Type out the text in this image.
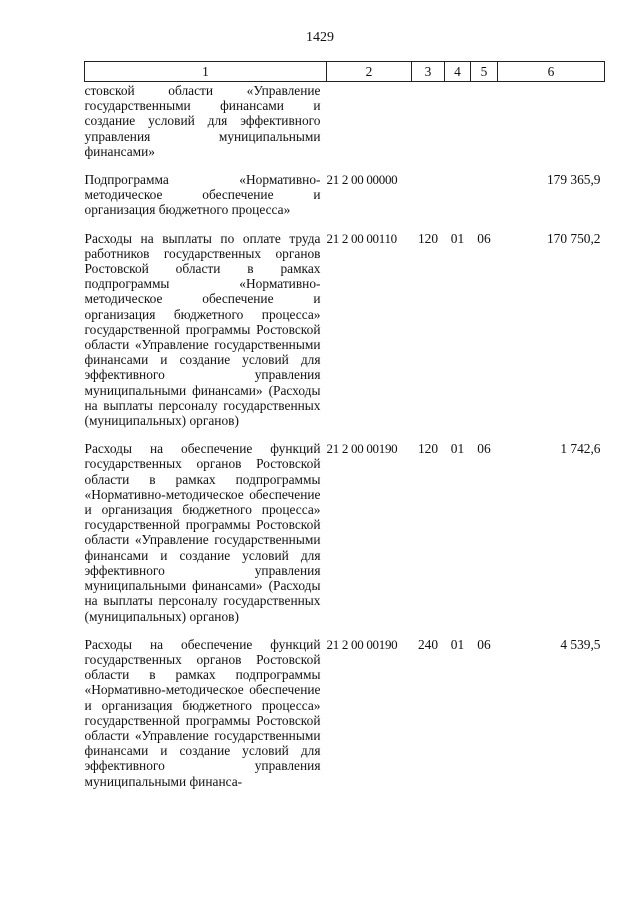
1429
1	2	3	4	5	6
стовской области «Управление государственными финансами и создание условий для эффективного управления муниципальными финансами»					

Подпрограмма «Нормативно-методическое обеспечение и организация бюджетного процесса»	21 2 00 00000				179 365,9

Расходы на выплаты по оплате труда работников государственных органов Ростовской области в рамках подпрограммы «Нормативно-методическое обеспечение и организация бюджетного процесса» государственной программы Ростовской области «Управление государственными финансами и создание условий для эффективного управления муниципальными финансами» (Расходы на выплаты персоналу государственных (муниципальных) органов)	21 2 00 00110	120	01	06	170 750,2

Расходы на обеспечение функций государственных органов Ростовской области в рамках подпрограммы «Нормативно-методическое обеспечение и организация бюджетного процесса» государственной программы Ростовской области «Управление государственными финансами и создание условий для эффективного управления муниципальными финансами» (Расходы на выплаты персоналу государственных (муниципальных) органов)	21 2 00 00190	120	01	06	1 742,6

Расходы на обеспечение функций государственных органов Ростовской области в рамках подпрограммы «Нормативно-методическое обеспечение и организация бюджетного процесса» государственной программы Ростовской области «Управление государственными финансами и создание условий для эффективного управления муниципальными финанса-	21 2 00 00190	240	01	06	4 539,5
